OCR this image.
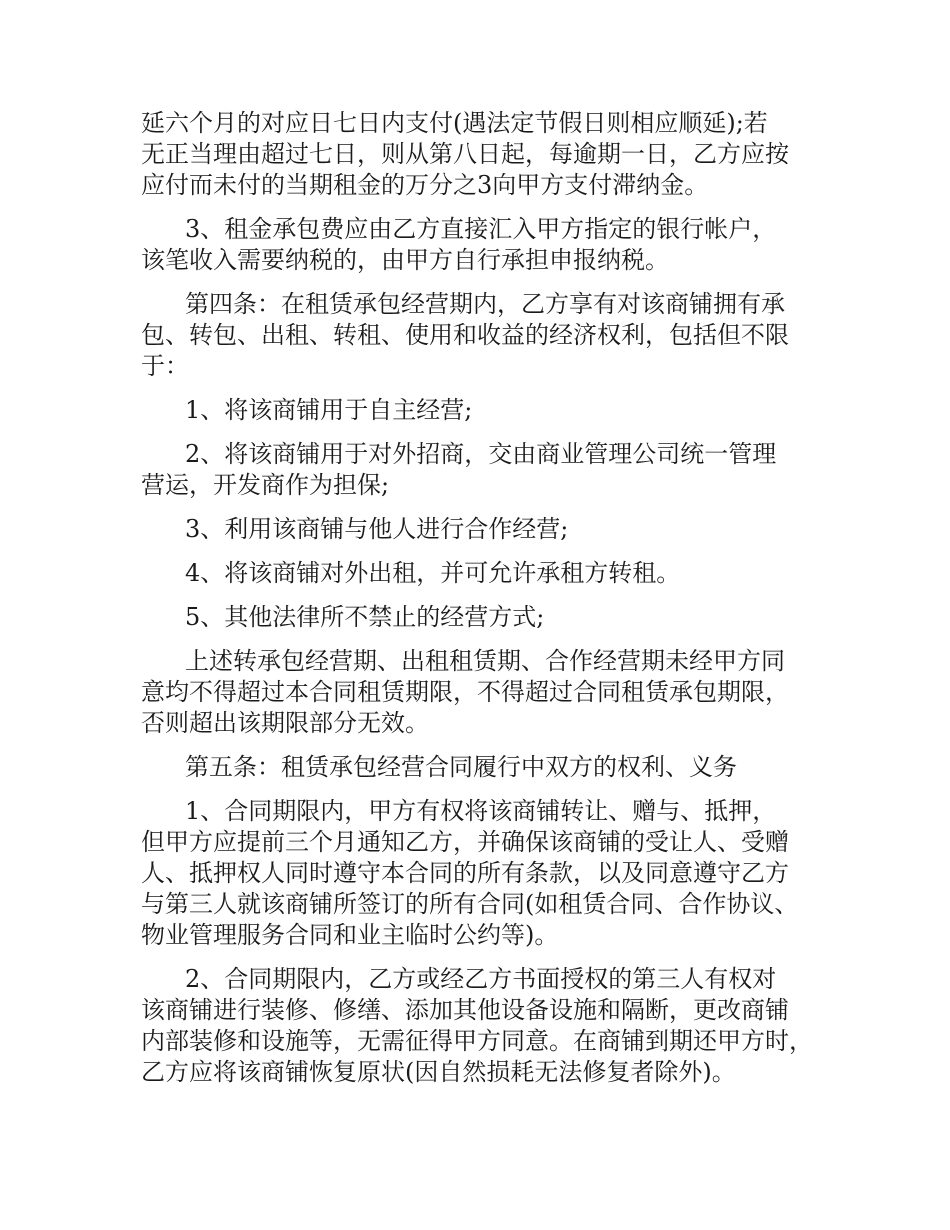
延六个月的对应日七日内支付(遇法定节假日则相应顺延);若
无正当理由超过七日，则从第八日起，每逾期一日，乙方应按
应付而未付的当期租金的万分之3向甲方支付滞纳金。
3、租金承包费应由乙方直接汇入甲方指定的银行帐户，
该笔收入需要纳税的，由甲方自行承担申报纳税。
第四条：在租赁承包经营期内，乙方享有对该商铺拥有承
包、转包、出租、转租、使用和收益的经济权利，包括但不限
于：
1、将该商铺用于自主经营;
2、将该商铺用于对外招商，交由商业管理公司统一管理
营运，开发商作为担保;
3、利用该商铺与他人进行合作经营;
4、将该商铺对外出租，并可允许承租方转租。
5、其他法律所不禁止的经营方式;
上述转承包经营期、出租租赁期、合作经营期未经甲方同
意均不得超过本合同租赁期限，不得超过合同租赁承包期限，
否则超出该期限部分无效。
第五条：租赁承包经营合同履行中双方的权利、义务
1、合同期限内，甲方有权将该商铺转让、赠与、抵押，
但甲方应提前三个月通知乙方，并确保该商铺的受让人、受赠
人、抵押权人同时遵守本合同的所有条款，以及同意遵守乙方
与第三人就该商铺所签订的所有合同(如租赁合同、合作协议、
物业管理服务合同和业主临时公约等)。
2、合同期限内，乙方或经乙方书面授权的第三人有权对
该商铺进行装修、修缮、添加其他设备设施和隔断，更改商铺
内部装修和设施等，无需征得甲方同意。在商铺到期还甲方时，
乙方应将该商铺恢复原状(因自然损耗无法修复者除外)。
